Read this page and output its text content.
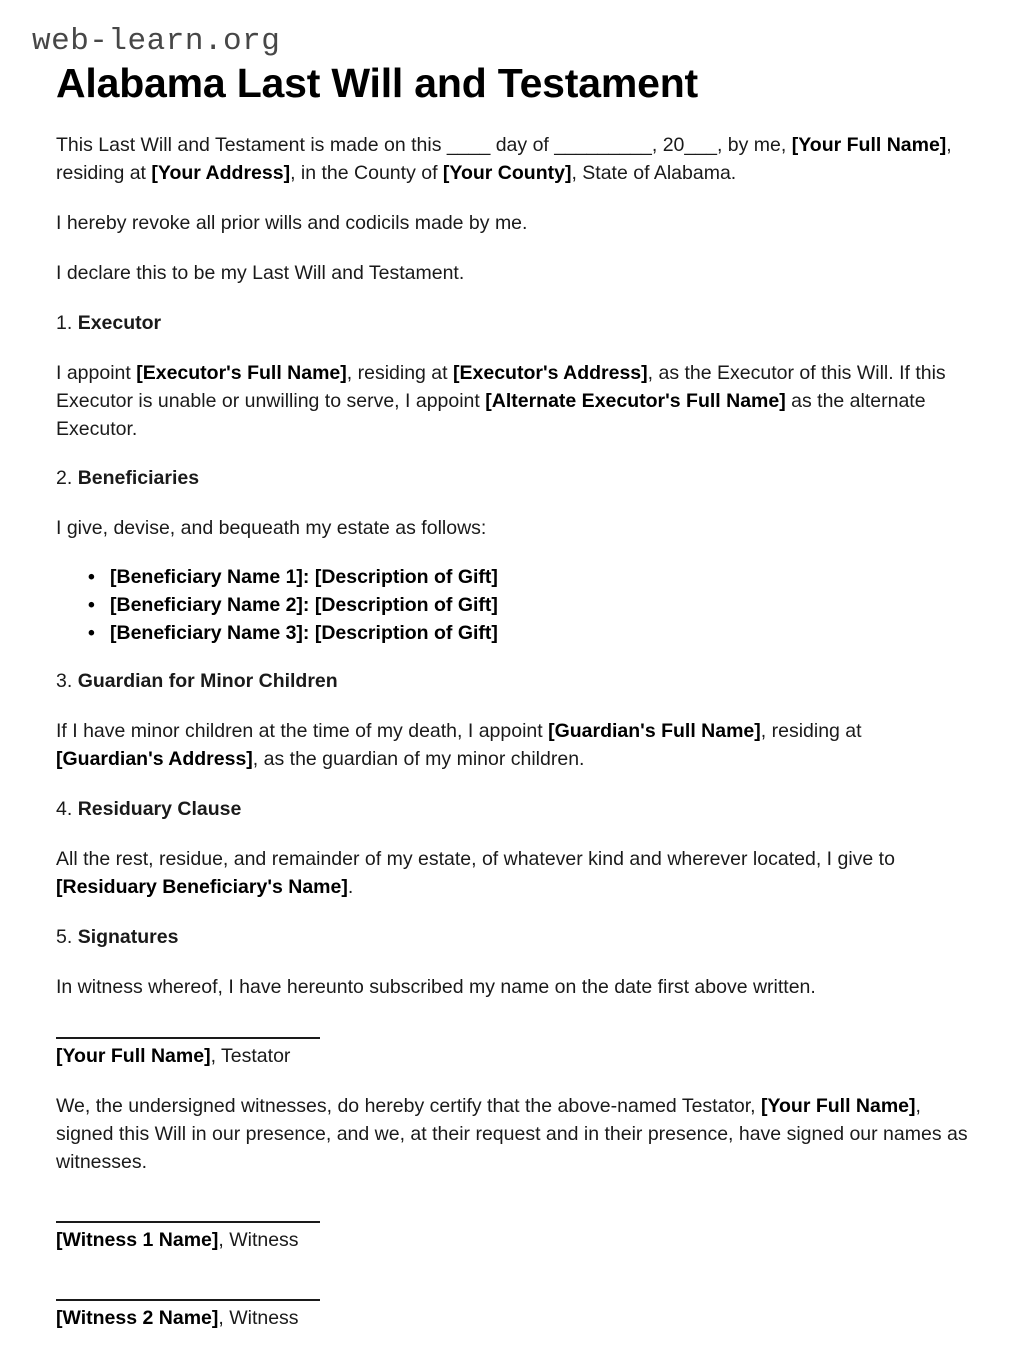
web-learn.org
Alabama Last Will and Testament

This Last Will and Testament is made on this ____ day of _________, 20___, by me, [Your Full Name], residing at [Your Address], in the County of [Your County], State of Alabama.

I hereby revoke all prior wills and codicils made by me.

I declare this to be my Last Will and Testament.

1. Executor

I appoint [Executor's Full Name], residing at [Executor's Address], as the Executor of this Will. If this Executor is unable or unwilling to serve, I appoint [Alternate Executor's Full Name] as the alternate Executor.

2. Beneficiaries

I give, devise, and bequeath my estate as follows:

• [Beneficiary Name 1]: [Description of Gift]
• [Beneficiary Name 2]: [Description of Gift]
• [Beneficiary Name 3]: [Description of Gift]

3. Guardian for Minor Children

If I have minor children at the time of my death, I appoint [Guardian's Full Name], residing at [Guardian's Address], as the guardian of my minor children.

4. Residuary Clause

All the rest, residue, and remainder of my estate, of whatever kind and wherever located, I give to [Residuary Beneficiary's Name].

5. Signatures

In witness whereof, I have hereunto subscribed my name on the date first above written.

[Your Full Name], Testator

We, the undersigned witnesses, do hereby certify that the above-named Testator, [Your Full Name], signed this Will in our presence, and we, at their request and in their presence, have signed our names as witnesses.

[Witness 1 Name], Witness

[Witness 2 Name], Witness
